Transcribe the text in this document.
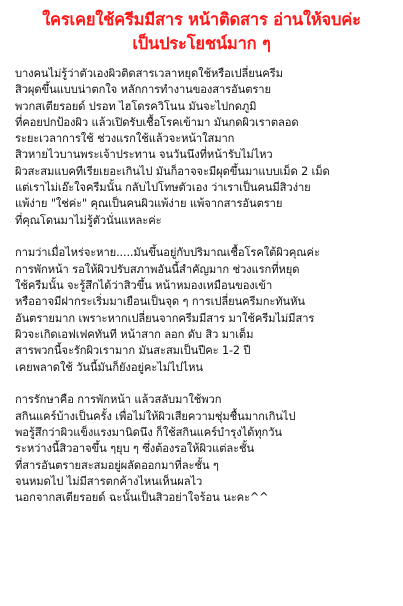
ใครเคยใช้ครีมมีสาร หน้าติดสาร อ่านให้จบค่ะ
เป็นประโยชน์มาก ๆ

บางคนไม่รู้ว่าตัวเองผิวติดสารเวลาหยุดใช้หรือเปลี่ยนครีม
สิวผุดขึ้นแบบน่าตกใจ หลักการทำงานของสารอันตราย
พวกสเตียรอยด์ ปรอท ไฮโดรควิโนน มันจะไปกดภูมิ
ที่คอยปกป้องผิว แล้วเปิดรับเชื้อโรคเข้ามา มันกดผิวเราตลอด
ระยะเวลาการใช้ ช่วงแรกใช้แล้วจะหน้าใสมาก
สิวหายไวบานพระเจ้าประทาน จนวันนึงที่หน้ารับไม่ไหว
ผิวสะสมแบคทีเรียเยอะเกินไป มันก็อาจจะมีผุดขึ้นมาแบบเม็ด 2 เม็ด
แต่เราไม่เอ๊ะใจครีมนั้น กลับไปโทษตัวเอง ว่าเราเป็นคนมีสิวง่าย
แพ้ง่าย "ใช่ค่ะ" คุณเป็นคนผิวแพ้ง่าย แพ้จากสารอันตราย
ที่คุณโดนมาไม่รู้ตัวนั่นแหละค่ะ

กามว่าเมื่อไหร่จะหาย.....มันขึ้นอยู่กับปริมาณเชื้อโรคใต้ผิวคุณค่ะ
การพักหน้า รอให้ผิวปรับสภาพอันนี้สำคัญมาก ช่วงแรกที่หยุด
ใช้ครีมนั้น จะรู้สึกได้ว่าสิวขึ้น หน้าหมองเหมือนของเข้า
หรืออาจมีฝากระเริ่มมาเยือนเป็นจุด ๆ การเปลี่ยนครีมกะทันหัน
อันตรายมาก เพราะหากเปลี่ยนจากครีมมีสาร มาใช้ครีมไม่มีสาร
ผิวจะเกิดเอฟเฟคทันที หน้าสาก ลอก ดับ สิว มาเต็ม
สารพวกนี้จะรักผิวเรามาก มันสะสมเป็นปีคะ 1-2 ปี
เคยพลาดใช้ วันนี้มันก็ยังอยู่คะไม่ไปไหน

การรักษาคือ การพักหน้า แล้วสลับมาใช้พวก
สกินแคร์บ้างเป็นครั้ง เพื่อไม่ให้ผิวเสียความชุ่มชื้นมากเกินไป
พอรู้สึกว่าผิวแข็งแรงมานิดนึง ก็ใช้สกินแคร์บำรุงได้ทุกวัน
ระหว่างนี้สิวอาจขึ้น ๆยุบ ๆ ซึ่งต้องรอให้ผิวแต่ละชั้น
ที่สารอันตรายสะสมอยู่ผลัดออกมาที่ละชั้น ๆ
จนหมดไป ไม่มีสารตกค้างไหนเห็นผลไว
นอกจากสเตียรอยด์ ฉะนั้นเป็นสิวอย่าใจร้อน นะคะ^^
